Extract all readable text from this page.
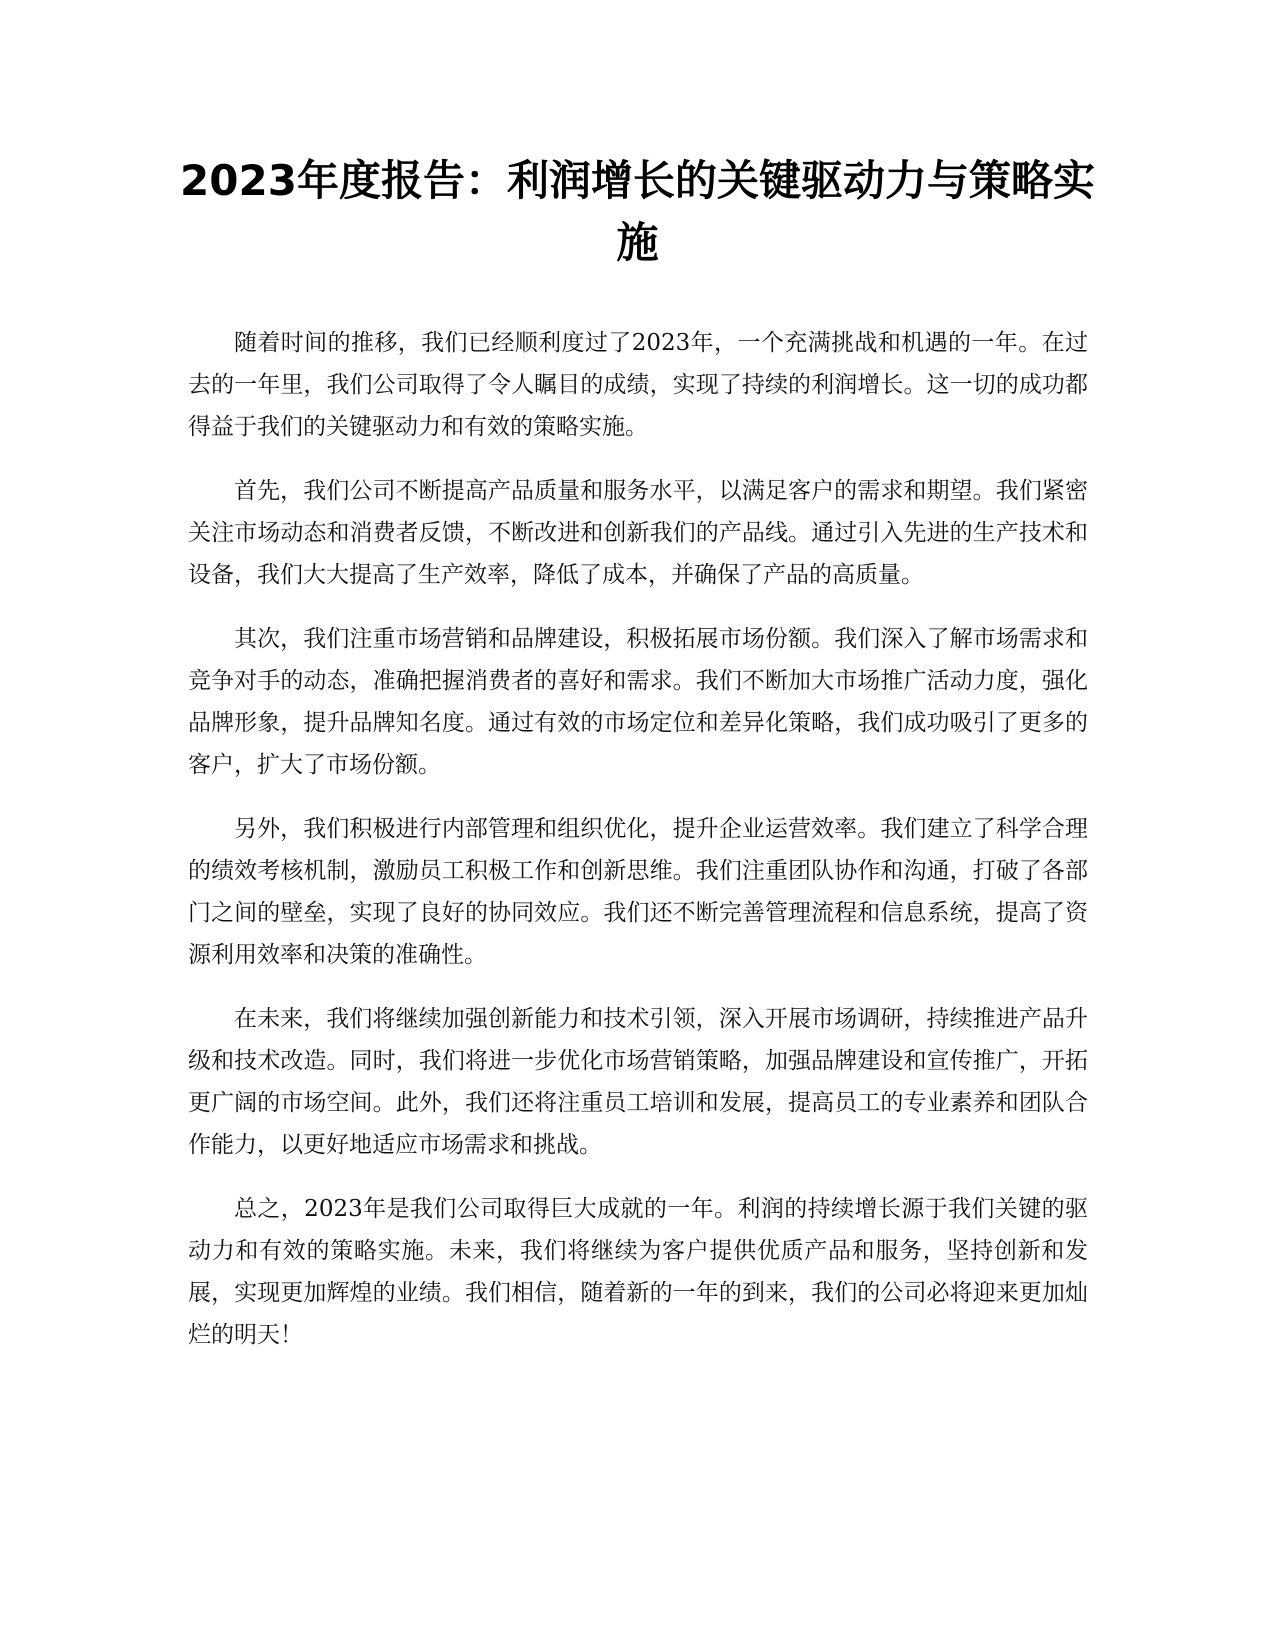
2023年度报告：利润增长的关键驱动力与策略实施

随着时间的推移，我们已经顺利度过了2023年，一个充满挑战和机遇的一年。在过去的一年里，我们公司取得了令人瞩目的成绩，实现了持续的利润增长。这一切的成功都得益于我们的关键驱动力和有效的策略实施。

首先，我们公司不断提高产品质量和服务水平，以满足客户的需求和期望。我们紧密关注市场动态和消费者反馈，不断改进和创新我们的产品线。通过引入先进的生产技术和设备，我们大大提高了生产效率，降低了成本，并确保了产品的高质量。

其次，我们注重市场营销和品牌建设，积极拓展市场份额。我们深入了解市场需求和竞争对手的动态，准确把握消费者的喜好和需求。我们不断加大市场推广活动力度，强化品牌形象，提升品牌知名度。通过有效的市场定位和差异化策略，我们成功吸引了更多的客户，扩大了市场份额。

另外，我们积极进行内部管理和组织优化，提升企业运营效率。我们建立了科学合理的绩效考核机制，激励员工积极工作和创新思维。我们注重团队协作和沟通，打破了各部门之间的壁垒，实现了良好的协同效应。我们还不断完善管理流程和信息系统，提高了资源利用效率和决策的准确性。

在未来，我们将继续加强创新能力和技术引领，深入开展市场调研，持续推进产品升级和技术改造。同时，我们将进一步优化市场营销策略，加强品牌建设和宣传推广，开拓更广阔的市场空间。此外，我们还将注重员工培训和发展，提高员工的专业素养和团队合作能力，以更好地适应市场需求和挑战。

总之，2023年是我们公司取得巨大成就的一年。利润的持续增长源于我们关键的驱动力和有效的策略实施。未来，我们将继续为客户提供优质产品和服务，坚持创新和发展，实现更加辉煌的业绩。我们相信，随着新的一年的到来，我们的公司必将迎来更加灿烂的明天！
